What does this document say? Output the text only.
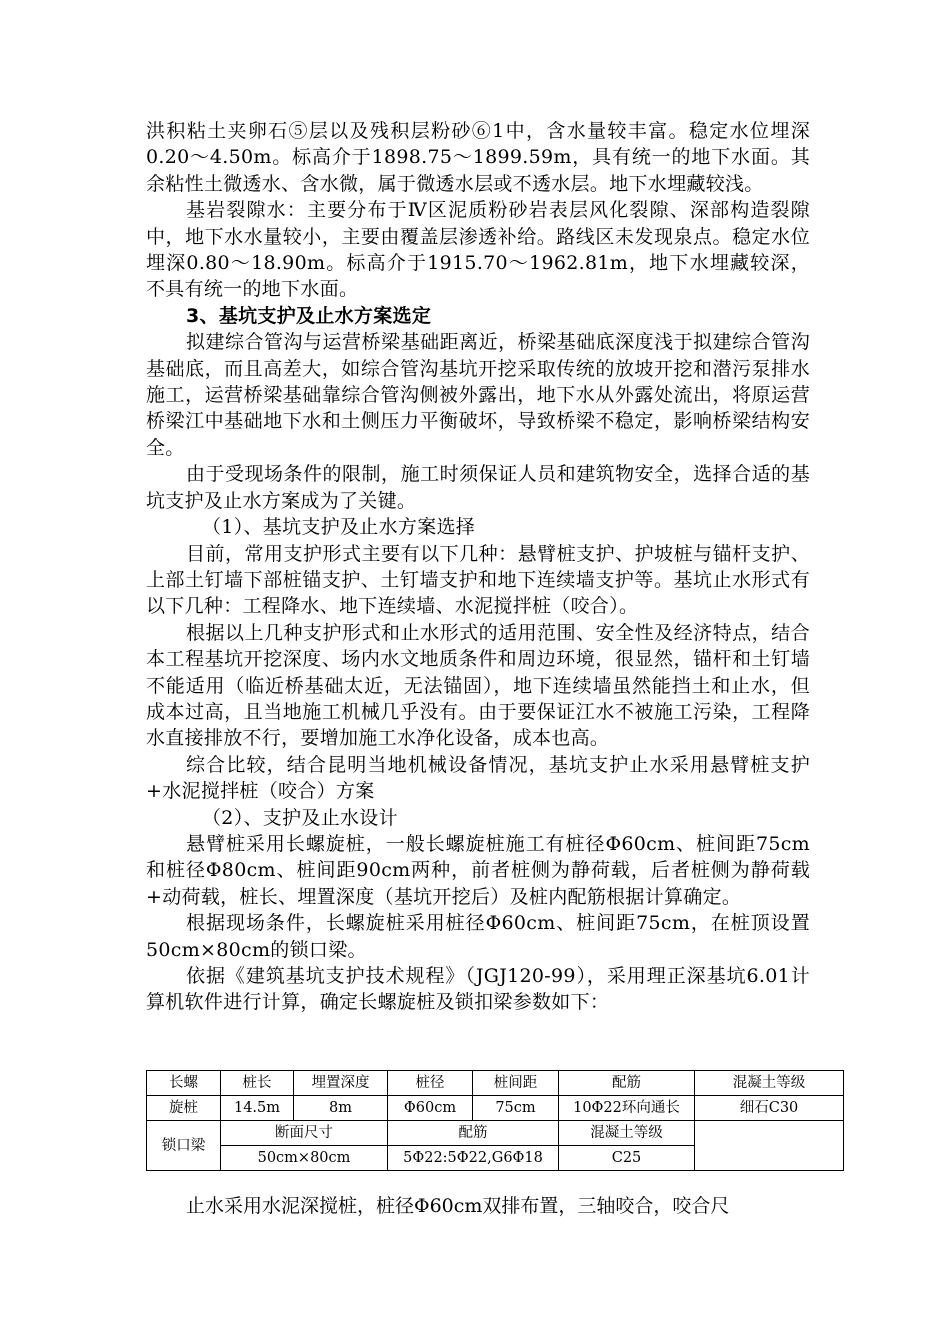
洪积粘土夹卵石⑤层以及残积层粉砂⑥1中，含水量较丰富。稳定水位埋深0.20～4.50m。标高介于1898.75～1899.59m，具有统一的地下水面。其余粘性土微透水、含水微，属于微透水层或不透水层。地下水埋藏较浅。

基岩裂隙水：主要分布于Ⅳ区泥质粉砂岩表层风化裂隙、深部构造裂隙中，地下水水量较小，主要由覆盖层渗透补给。路线区未发现泉点。稳定水位埋深0.80～18.90m。标高介于1915.70～1962.81m，地下水埋藏较深，不具有统一的地下水面。

3、基坑支护及止水方案选定

拟建综合管沟与运营桥梁基础距离近，桥梁基础底深度浅于拟建综合管沟基础底，而且高差大，如综合管沟基坑开挖采取传统的放坡开挖和潜污泵排水施工，运营桥梁基础靠综合管沟侧被外露出，地下水从外露处流出，将原运营桥梁江中基础地下水和土侧压力平衡破坏，导致桥梁不稳定，影响桥梁结构安全。

由于受现场条件的限制，施工时须保证人员和建筑物安全，选择合适的基坑支护及止水方案成为了关键。

（1）、基坑支护及止水方案选择

目前，常用支护形式主要有以下几种：悬臂桩支护、护坡桩与锚杆支护、上部土钉墙下部桩锚支护、土钉墙支护和地下连续墙支护等。基坑止水形式有以下几种：工程降水、地下连续墙、水泥搅拌桩（咬合）。

根据以上几种支护形式和止水形式的适用范围、安全性及经济特点，结合本工程基坑开挖深度、场内水文地质条件和周边环境，很显然，锚杆和土钉墙不能适用（临近桥基础太近，无法锚固），地下连续墙虽然能挡土和止水，但成本过高，且当地施工机械几乎没有。由于要保证江水不被施工污染，工程降水直接排放不行，要增加施工水净化设备，成本也高。

综合比较，结合昆明当地机械设备情况，基坑支护止水采用悬臂桩支护+水泥搅拌桩（咬合）方案

（2）、支护及止水设计

悬臂桩采用长螺旋桩，一般长螺旋桩施工有桩径Φ60cm、桩间距75cm和桩径Φ80cm、桩间距90cm两种，前者桩侧为静荷载，后者桩侧为静荷载+动荷载，桩长、埋置深度（基坑开挖后）及桩内配筋根据计算确定。

根据现场条件，长螺旋桩采用桩径Φ60cm、桩间距75cm，在桩顶设置50cm×80cm的锁口梁。

依据《建筑基坑支护技术规程》（JGJ120-99），采用理正深基坑6.01计算机软件进行计算，确定长螺旋桩及锁扣梁参数如下：

长螺	桩长	埋置深度	桩径	桩间距	配筋	混凝土等级
旋桩	14.5m	8m	Φ60cm	75cm	10Φ22环向通长	细石C30
锁口梁	断面尺寸		配筋		混凝土等级	
	50cm×80cm		5Φ22:5Φ22,G6Φ18		C25	

止水采用水泥深搅桩，桩径Φ60cm双排布置，三轴咬合，咬合尺
